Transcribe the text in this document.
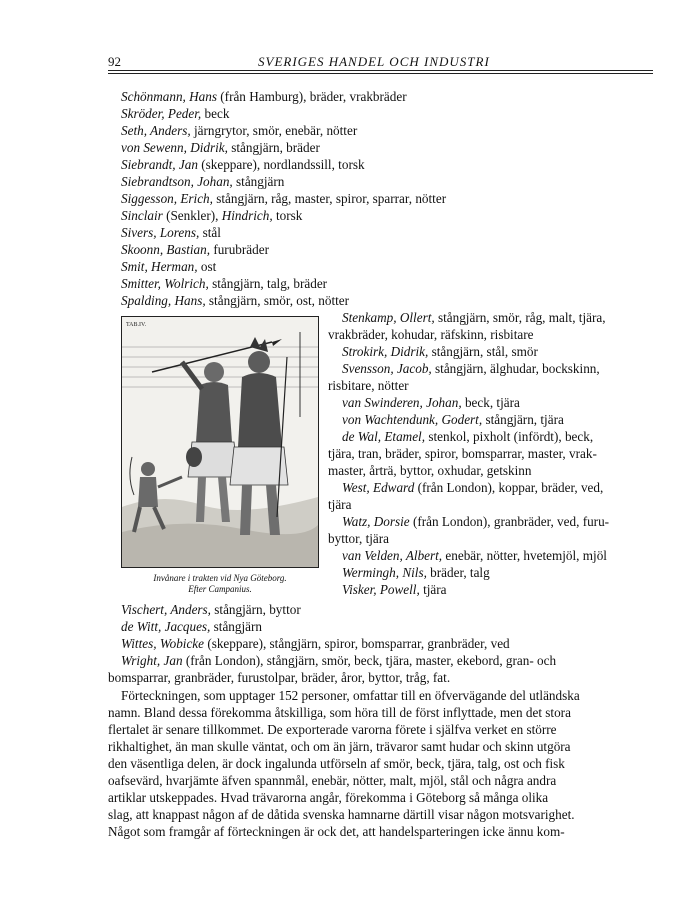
92	SVERIGES HANDEL OCH INDUSTRI
Schönmann, Hans (från Hamburg), bräder, vrakbräder
Skröder, Peder, beck
Seth, Anders, järngrytor, smör, enebär, nötter
von Sewenn, Didrik, stångjärn, bräder
Siebrandt, Jan (skeppare), nordlandssill, torsk
Siebrandtson, Johan, stångjärn
Siggesson, Erich, stångjärn, råg, master, spiror, sparrar, nötter
Sinclair (Senkler), Hindrich, torsk
Sivers, Lorens, stål
Skoonn, Bastian, furubräder
Smit, Herman, ost
Smitter, Wolrich, stångjärn, talg, bräder
Spalding, Hans, stångjärn, smör, ost, nötter
TAB.IV.
Invånare i trakten vid Nya Göteborg.
Efter Campanius.
Stenkamp, Ollert, stångjärn, smör, råg, malt, tjära,
vrakbräder, kohudar, räfskinn, risbitare
Strokirk, Didrik, stångjärn, stål, smör
Svensson, Jacob, stångjärn, älghudar, bockskinn,
risbitare, nötter
van Swinderen, Johan, beck, tjära
von Wachtendunk, Godert, stångjärn, tjära
de Wal, Etamel, stenkol, pixholt (infördt), beck,
tjära, tran, bräder, spiror, bomsparrar, master, vrak-
master, årträ, byttor, oxhudar, getskinn
West, Edward (från London), koppar, bräder, ved,
tjära
Watz, Dorsie (från London), granbräder, ved, furu-
byttor, tjära
van Velden, Albert, enebär, nötter, hvetemjöl, mjöl
Wermingh, Nils, bräder, talg
Visker, Powell, tjära
Vischert, Anders, stångjärn, byttor
de Witt, Jacques, stångjärn
Wittes, Wobicke (skeppare), stångjärn, spiror, bomsparrar, granbräder, ved
Wright, Jan (från London), stångjärn, smör, beck, tjära, master, ekebord, gran- och
bomsparrar, granbräder, furustolpar, bräder, åror, byttor, tråg, fat.
Förteckningen, som upptager 152 personer, omfattar till en öfvervägande del utländska
namn. Bland dessa förekomma åtskilliga, som höra till de först inflyttade, men det stora
flertalet är senare tillkommet. De exporterade varorna förete i själfva verket en större
rikhaltighet, än man skulle väntat, och om än järn, trävaror samt hudar och skinn utgöra
den väsentliga delen, är dock ingalunda utförseln af smör, beck, tjära, talg, ost och fisk
oafsevärd, hvarjämte äfven spannmål, enebär, nötter, malt, mjöl, stål och några andra
artiklar utskeppades. Hvad trävarorna angår, förekomma i Göteborg så många olika
slag, att knappast någon af de dåtida svenska hamnarne därtill visar någon motsvarighet.
Något som framgår af förteckningen är ock det, att handelsparteringen icke ännu kom-
